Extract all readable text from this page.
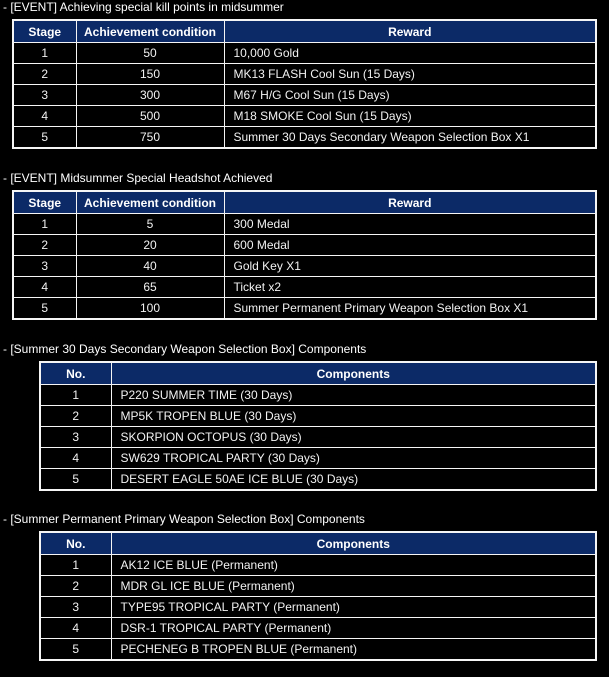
- [EVENT] Achieving special kill points in midsummer
Stage	Achievement condition	Reward
1	50	10,000 Gold
2	150	MK13 FLASH Cool Sun (15 Days)
3	300	M67 H/G Cool Sun (15 Days)
4	500	M18 SMOKE Cool Sun (15 Days)
5	750	Summer 30 Days Secondary Weapon Selection Box X1
- [EVENT] Midsummer Special Headshot Achieved
Stage	Achievement condition	Reward
1	5	300 Medal
2	20	600 Medal
3	40	Gold Key X1
4	65	Ticket x2
5	100	Summer Permanent Primary Weapon Selection Box X1
- [Summer 30 Days Secondary Weapon Selection Box] Components
No.	Components
1	P220 SUMMER TIME (30 Days)
2	MP5K TROPEN BLUE (30 Days)
3	SKORPION OCTOPUS (30 Days)
4	SW629 TROPICAL PARTY (30 Days)
5	DESERT EAGLE 50AE ICE BLUE (30 Days)
- [Summer Permanent Primary Weapon Selection Box] Components
No.	Components
1	AK12 ICE BLUE (Permanent)
2	MDR GL ICE BLUE (Permanent)
3	TYPE95 TROPICAL PARTY (Permanent)
4	DSR-1 TROPICAL PARTY (Permanent)
5	PECHENEG B TROPEN BLUE (Permanent)
